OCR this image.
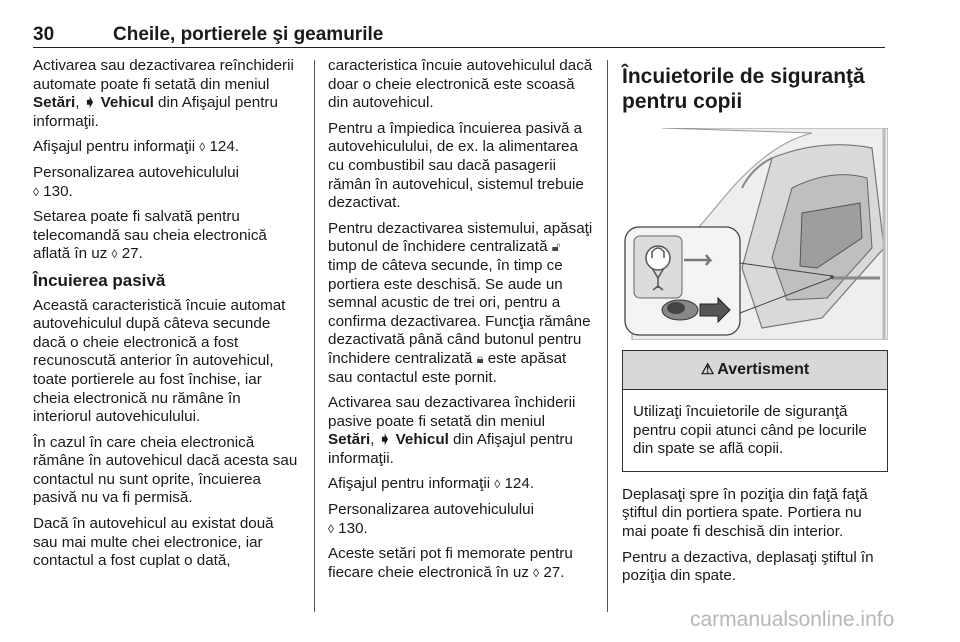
30	Cheile, portierele şi geamurile

Activarea sau dezactivarea reînchiderii automate poate fi setată din meniul Setări, ➧ Vehicul din Afişajul pentru informaţii.

Afişajul pentru informaţii ◊ 124.

Personalizarea autovehiculului
◊ 130.

Setarea poate fi salvată pentru telecomandă sau cheia electronică aflată în uz ◊ 27.

Încuierea pasivă

Această caracteristică încuie automat autovehiculul după câteva secunde dacă o cheie electronică a fost recunoscută anterior în autovehicul, toate portierele au fost închise, iar cheia electronică nu rămâne în interiorul autovehiculului.

În cazul în care cheia electronică rămâne în autovehicul dacă acesta sau contactul nu sunt oprite, încuierea pasivă nu va fi permisă.

Dacă în autovehicul au existat două sau mai multe chei electronice, iar contactul a fost cuplat o dată,

caracteristica încuie autovehiculul dacă doar o cheie electronică este scoasă din autovehicul.

Pentru a împiedica încuierea pasivă a autovehiculului, de ex. la alimentarea cu combustibil sau dacă pasagerii rămân în autovehicul, sistemul trebuie dezactivat.

Pentru dezactivarea sistemului, apăsaţi butonul de închidere centralizată 🔓︎ timp de câteva secunde, în timp ce portiera este deschisă. Se aude un semnal acustic de trei ori, pentru a confirma dezactivarea. Funcţia rămâne dezactivată până când butonul pentru închidere centralizată 🔒︎ este apăsat sau contactul este pornit.

Activarea sau dezactivarea închiderii pasive poate fi setată din meniul Setări, ➧ Vehicul din Afişajul pentru informaţii.

Afişajul pentru informaţii ◊ 124.

Personalizarea autovehiculului
◊ 130.

Aceste setări pot fi memorate pentru fiecare cheie electronică în uz ◊ 27.

Încuietorile de siguranţă pentru copii
⚠ Avertisment
Utilizaţi încuietorile de siguranţă pentru copii atunci când pe locurile din spate se află copii.

Deplasaţi spre în poziţia din faţă faţă ştiftul din portiera spate. Portiera nu mai poate fi deschisă din interior.

Pentru a dezactiva, deplasaţi ştiftul în poziţia din spate.

carmanualsonline.info
